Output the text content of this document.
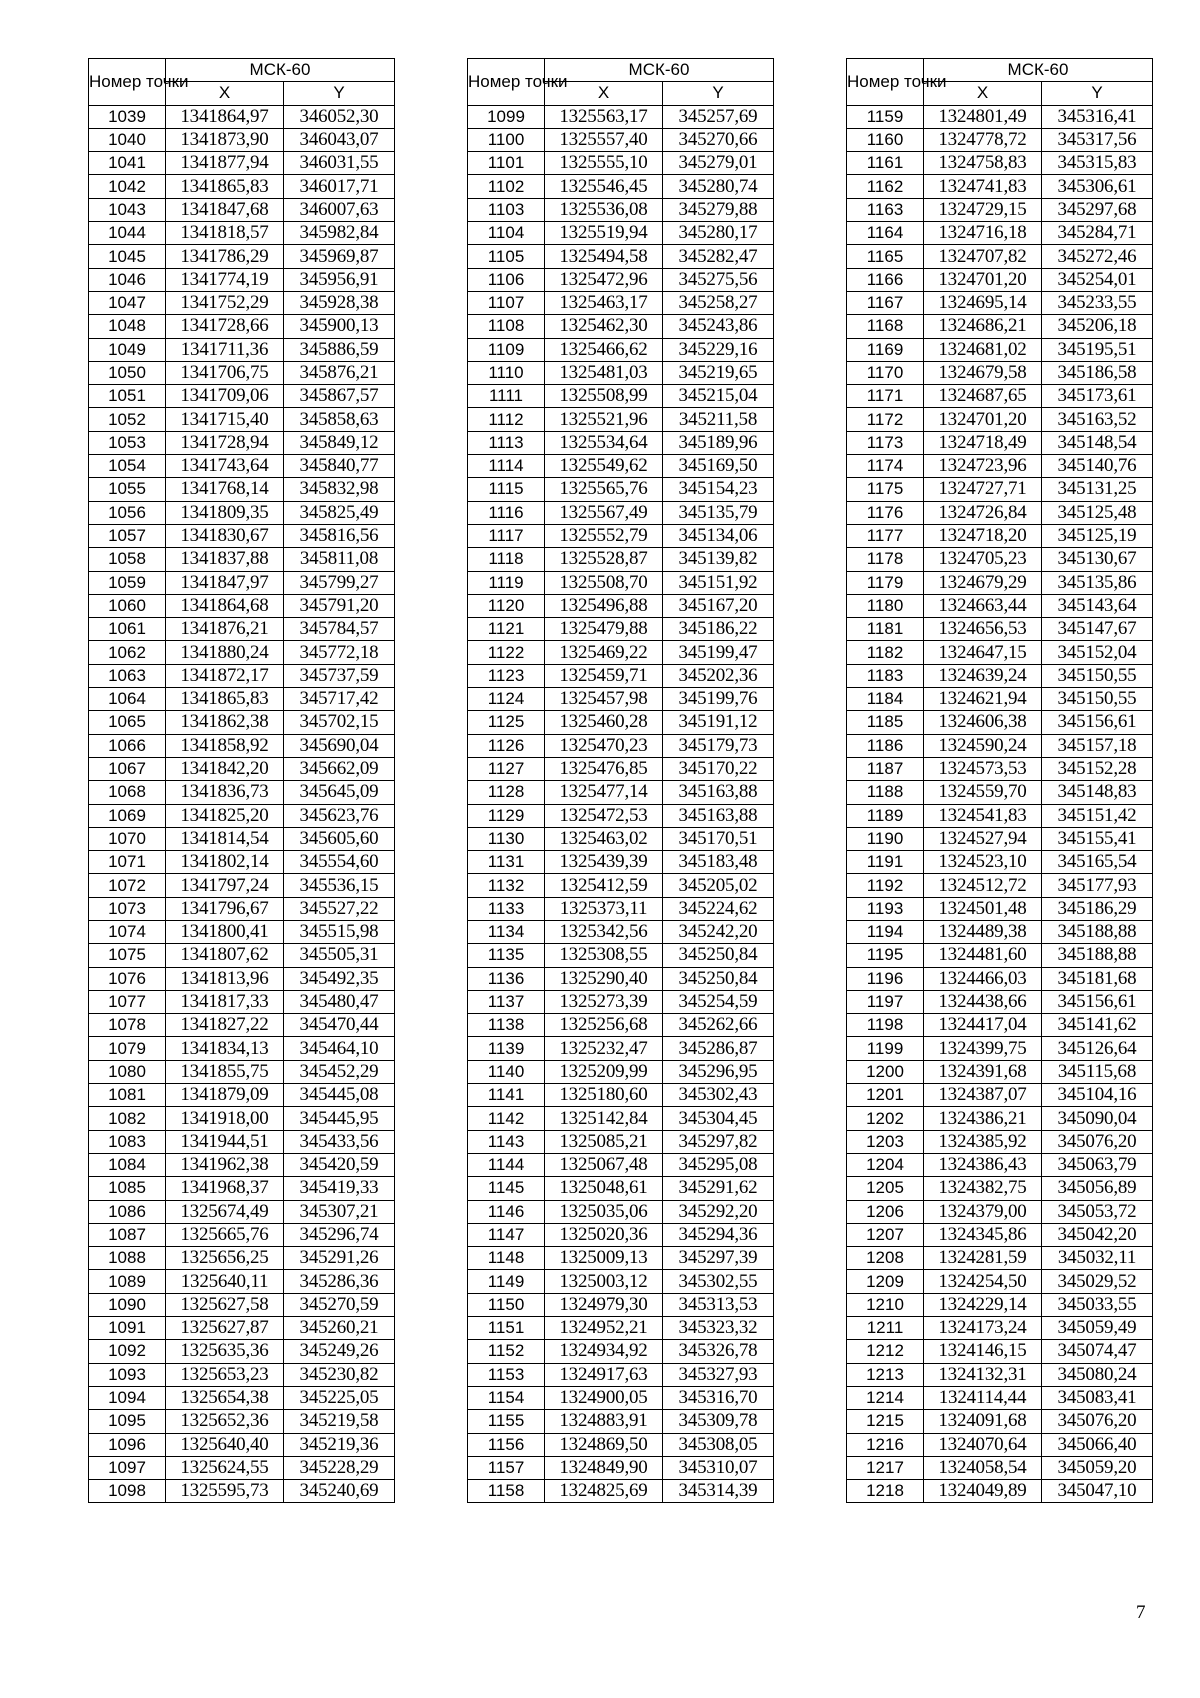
Номер точки	МСК-60	
	X	Y
1039	1341864,97	346052,30
1040	1341873,90	346043,07
1041	1341877,94	346031,55
1042	1341865,83	346017,71
1043	1341847,68	346007,63
1044	1341818,57	345982,84
1045	1341786,29	345969,87
1046	1341774,19	345956,91
1047	1341752,29	345928,38
1048	1341728,66	345900,13
1049	1341711,36	345886,59
1050	1341706,75	345876,21
1051	1341709,06	345867,57
1052	1341715,40	345858,63
1053	1341728,94	345849,12
1054	1341743,64	345840,77
1055	1341768,14	345832,98
1056	1341809,35	345825,49
1057	1341830,67	345816,56
1058	1341837,88	345811,08
1059	1341847,97	345799,27
1060	1341864,68	345791,20
1061	1341876,21	345784,57
1062	1341880,24	345772,18
1063	1341872,17	345737,59
1064	1341865,83	345717,42
1065	1341862,38	345702,15
1066	1341858,92	345690,04
1067	1341842,20	345662,09
1068	1341836,73	345645,09
1069	1341825,20	345623,76
1070	1341814,54	345605,60
1071	1341802,14	345554,60
1072	1341797,24	345536,15
1073	1341796,67	345527,22
1074	1341800,41	345515,98
1075	1341807,62	345505,31
1076	1341813,96	345492,35
1077	1341817,33	345480,47
1078	1341827,22	345470,44
1079	1341834,13	345464,10
1080	1341855,75	345452,29
1081	1341879,09	345445,08
1082	1341918,00	345445,95
1083	1341944,51	345433,56
1084	1341962,38	345420,59
1085	1341968,37	345419,33
1086	1325674,49	345307,21
1087	1325665,76	345296,74
1088	1325656,25	345291,26
1089	1325640,11	345286,36
1090	1325627,58	345270,59
1091	1325627,87	345260,21
1092	1325635,36	345249,26
1093	1325653,23	345230,82
1094	1325654,38	345225,05
1095	1325652,36	345219,58
1096	1325640,40	345219,36
1097	1325624,55	345228,29
1098	1325595,73	345240,69
Номер точки	МСК-60	
	X	Y
1099	1325563,17	345257,69
1100	1325557,40	345270,66
1101	1325555,10	345279,01
1102	1325546,45	345280,74
1103	1325536,08	345279,88
1104	1325519,94	345280,17
1105	1325494,58	345282,47
1106	1325472,96	345275,56
1107	1325463,17	345258,27
1108	1325462,30	345243,86
1109	1325466,62	345229,16
1110	1325481,03	345219,65
1111	1325508,99	345215,04
1112	1325521,96	345211,58
1113	1325534,64	345189,96
1114	1325549,62	345169,50
1115	1325565,76	345154,23
1116	1325567,49	345135,79
1117	1325552,79	345134,06
1118	1325528,87	345139,82
1119	1325508,70	345151,92
1120	1325496,88	345167,20
1121	1325479,88	345186,22
1122	1325469,22	345199,47
1123	1325459,71	345202,36
1124	1325457,98	345199,76
1125	1325460,28	345191,12
1126	1325470,23	345179,73
1127	1325476,85	345170,22
1128	1325477,14	345163,88
1129	1325472,53	345163,88
1130	1325463,02	345170,51
1131	1325439,39	345183,48
1132	1325412,59	345205,02
1133	1325373,11	345224,62
1134	1325342,56	345242,20
1135	1325308,55	345250,84
1136	1325290,40	345250,84
1137	1325273,39	345254,59
1138	1325256,68	345262,66
1139	1325232,47	345286,87
1140	1325209,99	345296,95
1141	1325180,60	345302,43
1142	1325142,84	345304,45
1143	1325085,21	345297,82
1144	1325067,48	345295,08
1145	1325048,61	345291,62
1146	1325035,06	345292,20
1147	1325020,36	345294,36
1148	1325009,13	345297,39
1149	1325003,12	345302,55
1150	1324979,30	345313,53
1151	1324952,21	345323,32
1152	1324934,92	345326,78
1153	1324917,63	345327,93
1154	1324900,05	345316,70
1155	1324883,91	345309,78
1156	1324869,50	345308,05
1157	1324849,90	345310,07
1158	1324825,69	345314,39
Номер точки	МСК-60	
	X	Y
1159	1324801,49	345316,41
1160	1324778,72	345317,56
1161	1324758,83	345315,83
1162	1324741,83	345306,61
1163	1324729,15	345297,68
1164	1324716,18	345284,71
1165	1324707,82	345272,46
1166	1324701,20	345254,01
1167	1324695,14	345233,55
1168	1324686,21	345206,18
1169	1324681,02	345195,51
1170	1324679,58	345186,58
1171	1324687,65	345173,61
1172	1324701,20	345163,52
1173	1324718,49	345148,54
1174	1324723,96	345140,76
1175	1324727,71	345131,25
1176	1324726,84	345125,48
1177	1324718,20	345125,19
1178	1324705,23	345130,67
1179	1324679,29	345135,86
1180	1324663,44	345143,64
1181	1324656,53	345147,67
1182	1324647,15	345152,04
1183	1324639,24	345150,55
1184	1324621,94	345150,55
1185	1324606,38	345156,61
1186	1324590,24	345157,18
1187	1324573,53	345152,28
1188	1324559,70	345148,83
1189	1324541,83	345151,42
1190	1324527,94	345155,41
1191	1324523,10	345165,54
1192	1324512,72	345177,93
1193	1324501,48	345186,29
1194	1324489,38	345188,88
1195	1324481,60	345188,88
1196	1324466,03	345181,68
1197	1324438,66	345156,61
1198	1324417,04	345141,62
1199	1324399,75	345126,64
1200	1324391,68	345115,68
1201	1324387,07	345104,16
1202	1324386,21	345090,04
1203	1324385,92	345076,20
1204	1324386,43	345063,79
1205	1324382,75	345056,89
1206	1324379,00	345053,72
1207	1324345,86	345042,20
1208	1324281,59	345032,11
1209	1324254,50	345029,52
1210	1324229,14	345033,55
1211	1324173,24	345059,49
1212	1324146,15	345074,47
1213	1324132,31	345080,24
1214	1324114,44	345083,41
1215	1324091,68	345076,20
1216	1324070,64	345066,40
1217	1324058,54	345059,20
1218	1324049,89	345047,10
7
